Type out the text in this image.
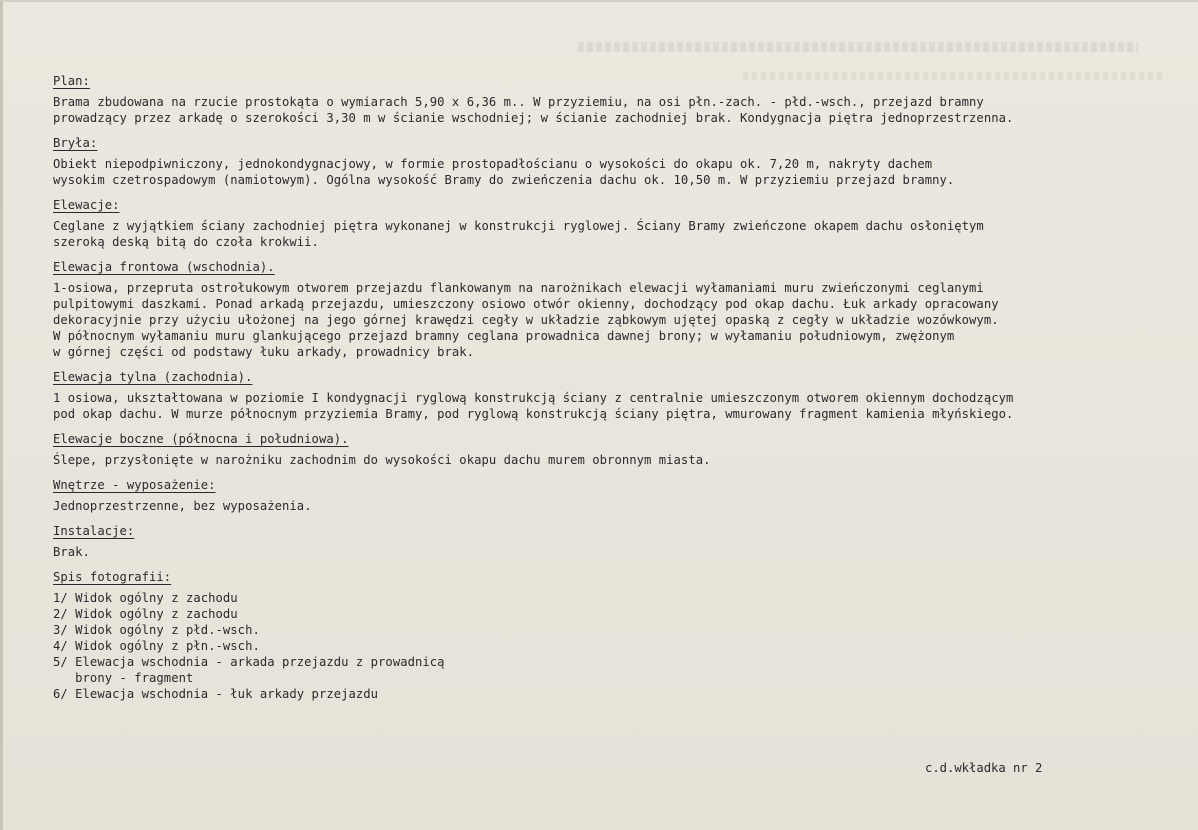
Plan:
Brama zbudowana na rzucie prostokąta o wymiarach 5,90 x 6,36 m.. W przyziemiu, na osi płn.-zach. - płd.-wsch., przejazd bramny
prowadzący przez arkadę o szerokości 3,30 m w ścianie wschodniej; w ścianie zachodniej brak. Kondygnacja piętra jednoprzestrzenna.
Bryła:
Obiekt niepodpiwniczony, jednokondygnacjowy, w formie prostopadłościanu o wysokości do okapu ok. 7,20 m, nakryty dachem
wysokim czetrospadowym (namiotowym). Ogólna wysokość Bramy do zwieńczenia dachu ok. 10,50 m. W przyziemiu przejazd bramny.
Elewacje:
Ceglane z wyjątkiem ściany zachodniej piętra wykonanej w konstrukcji ryglowej. Ściany Bramy zwieńczone okapem dachu osłoniętym
szeroką deską bitą do czoła krokwii.
Elewacja frontowa (wschodnia).
1-osiowa, przepruta ostrołukowym otworem przejazdu flankowanym na narożnikach elewacji wyłamaniami muru zwieńczonymi ceglanymi
pulpitowymi daszkami. Ponad arkadą przejazdu, umieszczony osiowo otwór okienny, dochodzący pod okap dachu. Łuk arkady opracowany
dekoracyjnie przy użyciu ułożonej na jego górnej krawędzi cegły w układzie ząbkowym ujętej opaską z cegły w układzie wozówkowym.
W północnym wyłamaniu muru glankującego przejazd bramny ceglana prowadnica dawnej brony; w wyłamaniu południowym, zwężonym
w górnej części od podstawy łuku arkady, prowadnicy brak.
Elewacja tylna (zachodnia).
1 osiowa, ukształtowana w poziomie I kondygnacji ryglową konstrukcją ściany z centralnie umieszczonym otworem okiennym dochodzącym
pod okap dachu. W murze północnym przyziemia Bramy, pod ryglową konstrukcją ściany piętra, wmurowany fragment kamienia młyńskiego.
Elewacje boczne (północna i południowa).
Ślepe, przysłonięte w narożniku zachodnim do wysokości okapu dachu murem obronnym miasta.
Wnętrze - wyposażenie:
Jednoprzestrzenne, bez wyposażenia.
Instalacje:
Brak.
Spis fotografii:
1/ Widok ogólny z zachodu
2/ Widok ogólny z zachodu
3/ Widok ogólny z płd.-wsch.
4/ Widok ogólny z płn.-wsch.
5/ Elewacja wschodnia - arkada przejazdu z prowadnicą
brony - fragment
6/ Elewacja wschodnia - łuk arkady przejazdu
c.d.wkładka nr 2
